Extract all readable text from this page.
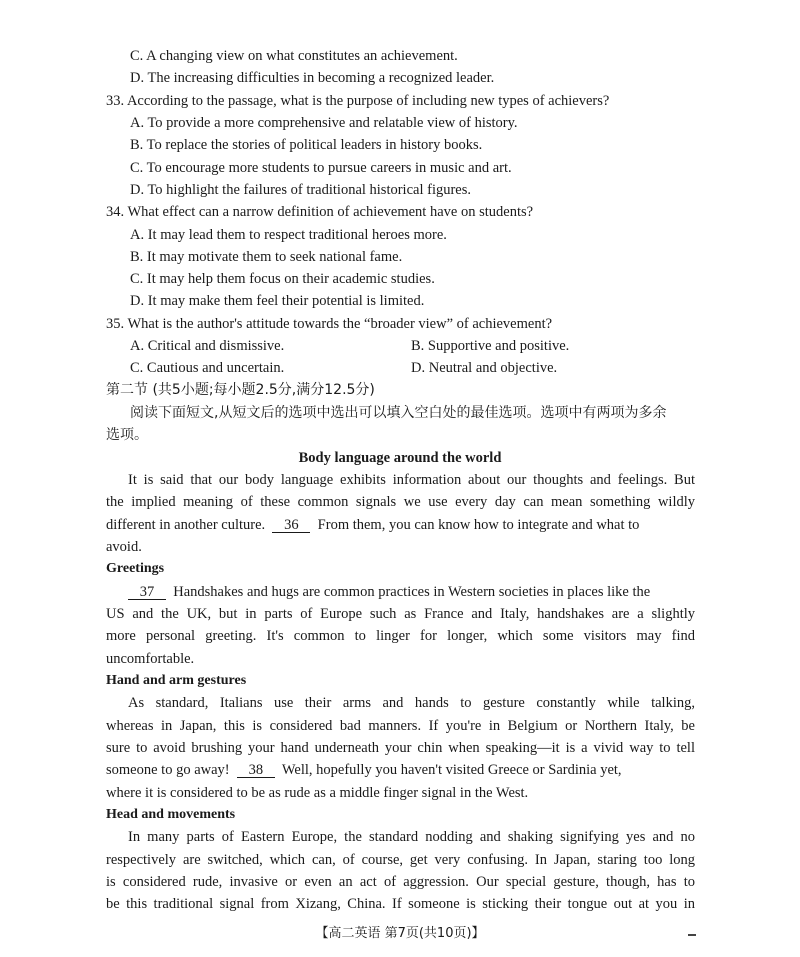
C. A changing view on what constitutes an achievement.
D. The increasing difficulties in becoming a recognized leader.
33. According to the passage, what is the purpose of including new types of achievers?
A. To provide a more comprehensive and relatable view of history.
B. To replace the stories of political leaders in history books.
C. To encourage more students to pursue careers in music and art.
D. To highlight the failures of traditional historical figures.
34. What effect can a narrow definition of achievement have on students?
A. It may lead them to respect traditional heroes more.
B. It may motivate them to seek national fame.
C. It may help them focus on their academic studies.
D. It may make them feel their potential is limited.
35. What is the author's attitude towards the “broader view” of achievement?
A. Critical and dismissive.	B. Supportive and positive.
C. Cautious and uncertain.	D. Neutral and objective.
第二节 (共5小题;每小题2.5分,满分12.5分)
阅读下面短文,从短文后的选项中选出可以填入空白处的最佳选项。选项中有两项为多余
选项。
Body language around the world
It is said that our body language exhibits information about our thoughts and feelings. But
the implied meaning of these common signals we use every day can mean something wildly
different in another culture. 36 From them, you can know how to integrate and what to
avoid.
Greetings
37 Handshakes and hugs are common practices in Western societies in places like the
US and the UK, but in parts of Europe such as France and Italy, handshakes are a slightly
more personal greeting. It's common to linger for longer, which some visitors may find
uncomfortable.
Hand and arm gestures
As standard, Italians use their arms and hands to gesture constantly while talking,
whereas in Japan, this is considered bad manners. If you're in Belgium or Northern Italy, be
sure to avoid brushing your hand underneath your chin when speaking—it is a vivid way to tell
someone to go away! 38 Well, hopefully you haven't visited Greece or Sardinia yet,
where it is considered to be as rude as a middle finger signal in the West.
Head and movements
In many parts of Eastern Europe, the standard nodding and shaking signifying yes and no
respectively are switched, which can, of course, get very confusing. In Japan, staring too long
is considered rude, invasive or even an act of aggression. Our special gesture, though, has to
be this traditional signal from Xizang, China. If someone is sticking their tongue out at you in
【高二英语 第7页(共10页)】
